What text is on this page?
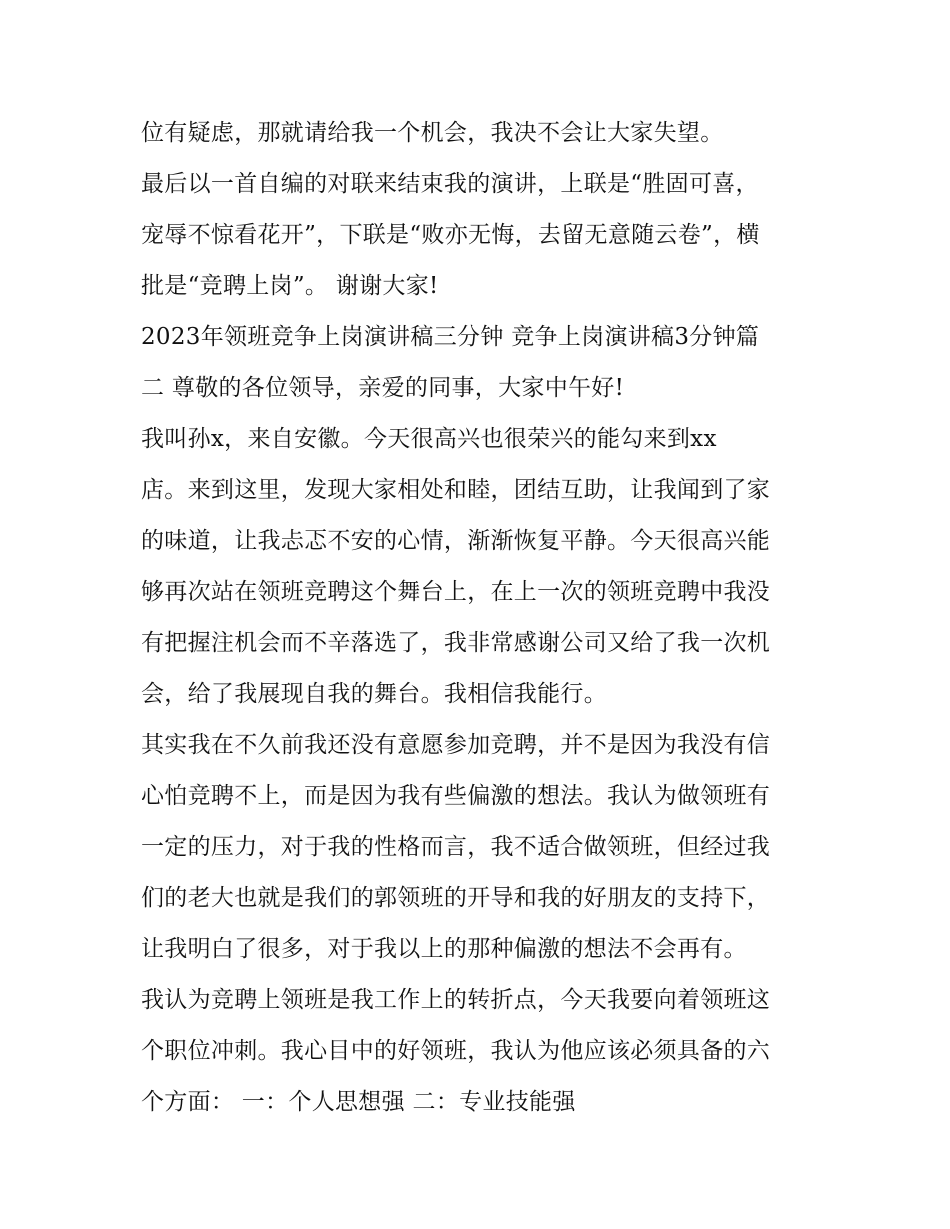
位有疑虑，那就请给我一个机会，我决不会让大家失望。
最后以一首自编的对联来结束我的演讲，上联是“胜固可喜，
宠辱不惊看花开”，下联是“败亦无悔，去留无意随云卷”，横
批是“竞聘上岗”。 谢谢大家!
2023年领班竞争上岗演讲稿三分钟 竞争上岗演讲稿3分钟篇
二 尊敬的各位领导，亲爱的同事，大家中午好!
我叫孙x，来自安徽。今天很高兴也很荣兴的能勾来到xx
店。来到这里，发现大家相处和睦，团结互助，让我闻到了家
的味道，让我忐忑不安的心情，渐渐恢复平静。今天很高兴能
够再次站在领班竞聘这个舞台上，在上一次的领班竞聘中我没
有把握注机会而不辛落选了，我非常感谢公司又给了我一次机
会，给了我展现自我的舞台。我相信我能行。
其实我在不久前我还没有意愿参加竞聘，并不是因为我没有信
心怕竞聘不上，而是因为我有些偏激的想法。我认为做领班有
一定的压力，对于我的性格而言，我不适合做领班，但经过我
们的老大也就是我们的郭领班的开导和我的好朋友的支持下，
让我明白了很多，对于我以上的那种偏激的想法不会再有。
我认为竞聘上领班是我工作上的转折点，今天我要向着领班这
个职位冲刺。我心目中的好领班，我认为他应该必须具备的六
个方面： 一：个人思想强 二：专业技能强
